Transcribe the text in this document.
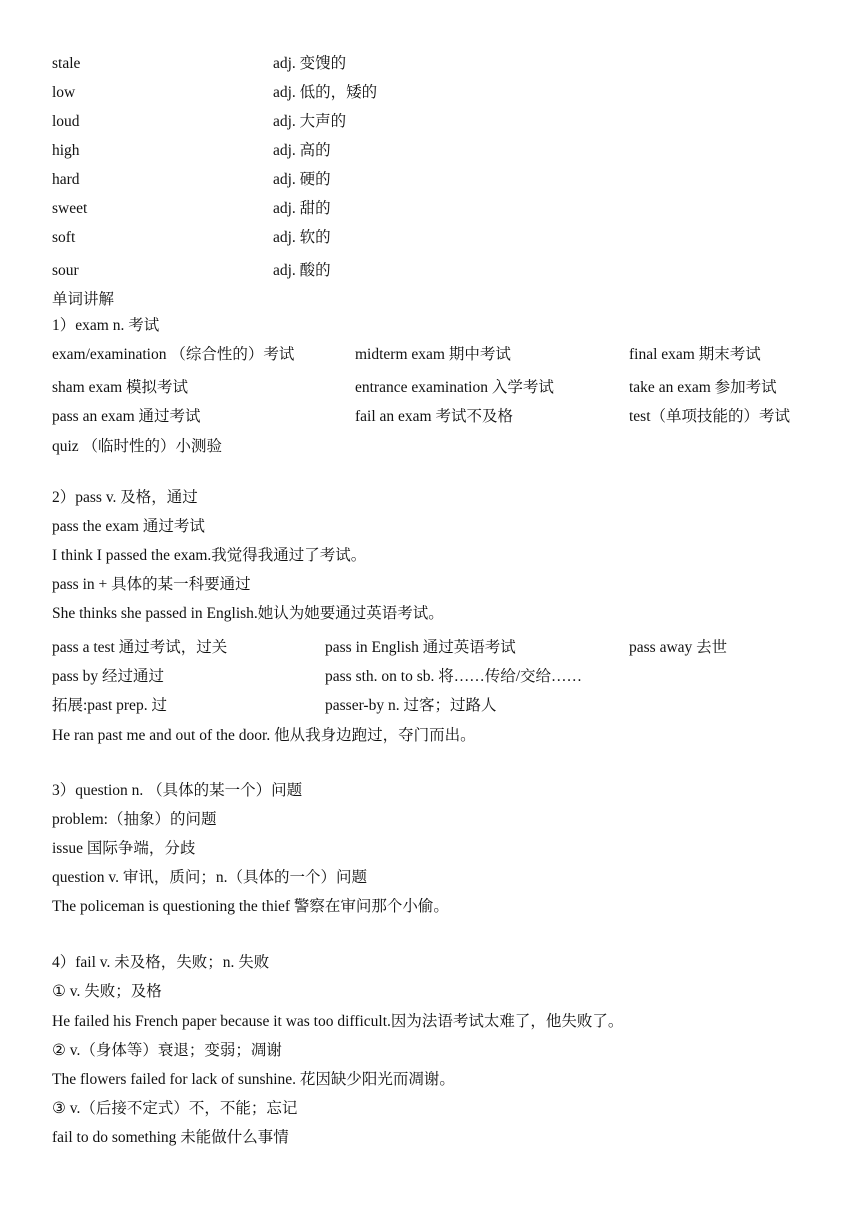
stale	adj. 变馊的
low	adj. 低的，矮的
loud	adj. 大声的
high	adj. 高的
hard	adj. 硬的
sweet	adj. 甜的
soft	adj. 软的
sour	adj. 酸的
单词讲解
1）exam n. 考试
exam/examination （综合性的）考试	midterm exam 期中考试	final exam 期末考试
sham exam 模拟考试	entrance examination 入学考试	take an exam 参加考试
pass an exam 通过考试	fail an exam 考试不及格	test（单项技能的）考试
quiz （临时性的）小测验
2）pass v. 及格，通过
pass the exam 通过考试
I think I passed the exam.我觉得我通过了考试。
pass in + 具体的某一科要通过
She thinks she passed in English.她认为她要通过英语考试。
pass a test 通过考试，过关	pass in English 通过英语考试	pass away 去世
pass by 经过通过	pass sth. on to sb. 将……传给/交给……
拓展:past prep. 过	passer-by n. 过客；过路人
He ran past me and out of the door. 他从我身边跑过，夺门而出。
3）question n. （具体的某一个）问题
problem:（抽象）的问题
issue 国际争端，分歧
question v. 审讯，质问；n.（具体的一个）问题
The policeman is questioning the thief 警察在审问那个小偷。
4）fail v. 未及格，失败；n. 失败
① v. 失败；及格
He failed his French paper because it was too difficult.因为法语考试太难了，他失败了。
② v.（身体等）衰退；变弱；凋谢
The flowers failed for lack of sunshine. 花因缺少阳光而凋谢。
③ v.（后接不定式）不，不能；忘记
fail to do something 未能做什么事情
